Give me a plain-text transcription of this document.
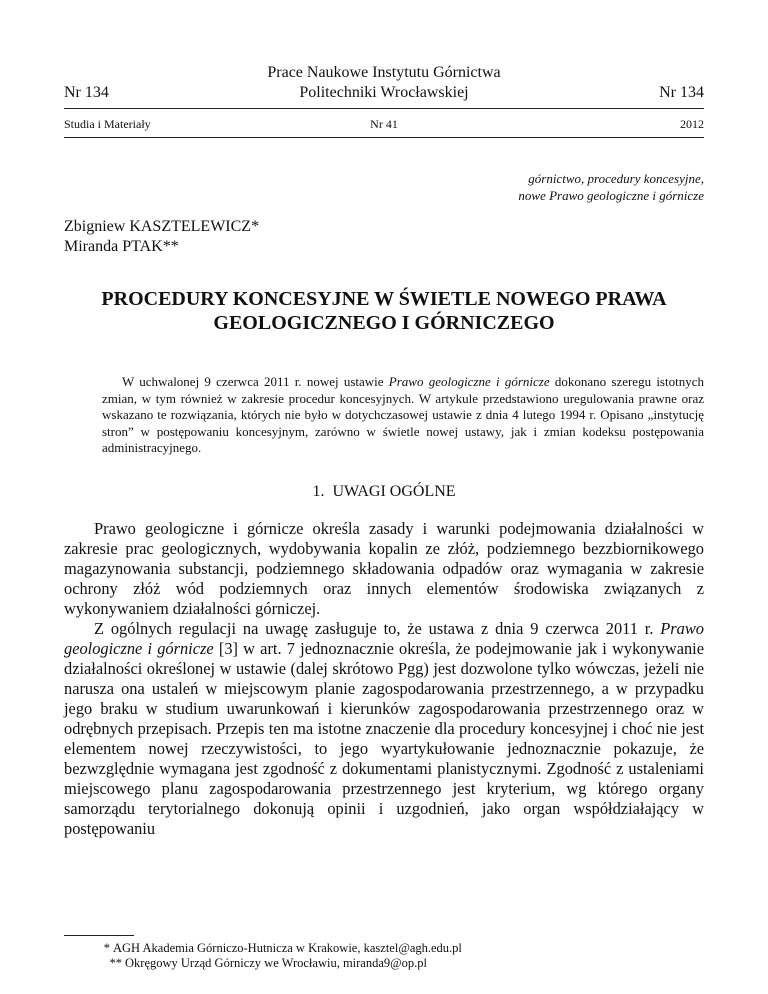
Nr 134
Prace Naukowe Instytutu Górnictwa
Politechniki Wrocławskiej	Nr 134
Studia i Materiały	Nr 41	2012
górnictwo, procedury koncesyjne,
nowe Prawo geologiczne i górnicze
Zbigniew KASZTELEWICZ*
Miranda PTAK**
PROCEDURY KONCESYJNE W ŚWIETLE NOWEGO PRAWA
GEOLOGICZNEGO I GÓRNICZEGO

W uchwalonej 9 czerwca 2011 r. nowej ustawie Prawo geologiczne i górnicze dokonano szeregu istotnych zmian, w tym również w zakresie procedur koncesyjnych. W artykule przedstawiono uregulowania prawne oraz wskazano te rozwiązania, których nie było w dotychczasowej ustawie z dnia 4 lutego 1994 r. Opisano „instytucję stron” w postępowaniu koncesyjnym, zarówno w świetle nowej ustawy, jak i zmian kodeksu postępowania administracyjnego.

1. UWAGI OGÓLNE

Prawo geologiczne i górnicze określa zasady i warunki podejmowania działalności w zakresie prac geologicznych, wydobywania kopalin ze złóż, podziemnego bezzbiornikowego magazynowania substancji, podziemnego składowania odpadów oraz wymagania w zakresie ochrony złóż wód podziemnych oraz innych elementów środowiska związanych z wykonywaniem działalności górniczej.

Z ogólnych regulacji na uwagę zasługuje to, że ustawa z dnia 9 czerwca 2011 r. Prawo geologiczne i górnicze [3] w art. 7 jednoznacznie określa, że podejmowanie jak i wykonywanie działalności określonej w ustawie (dalej skrótowo Pgg) jest dozwolone tylko wówczas, jeżeli nie narusza ona ustaleń w miejscowym planie zagospodarowania przestrzennego, a w przypadku jego braku w studium uwarunkowań i kierunków zagospodarowania przestrzennego oraz w odrębnych przepisach. Przepis ten ma istotne znaczenie dla procedury koncesyjnej i choć nie jest elementem nowej rzeczywistości, to jego wyartykułowanie jednoznacznie pokazuje, że bezwzględnie wymagana jest zgodność z dokumentami planistycznymi. Zgodność z ustaleniami miejscowego planu zagospodarowania przestrzennego jest kryterium, wg którego organy samorządu terytorialnego dokonują opinii i uzgodnień, jako organ współdziałający w postępowaniu

* AGH Akademia Górniczo-Hutnicza w Krakowie, kasztel@agh.edu.pl
** Okręgowy Urząd Górniczy we Wrocławiu, miranda9@op.pl
